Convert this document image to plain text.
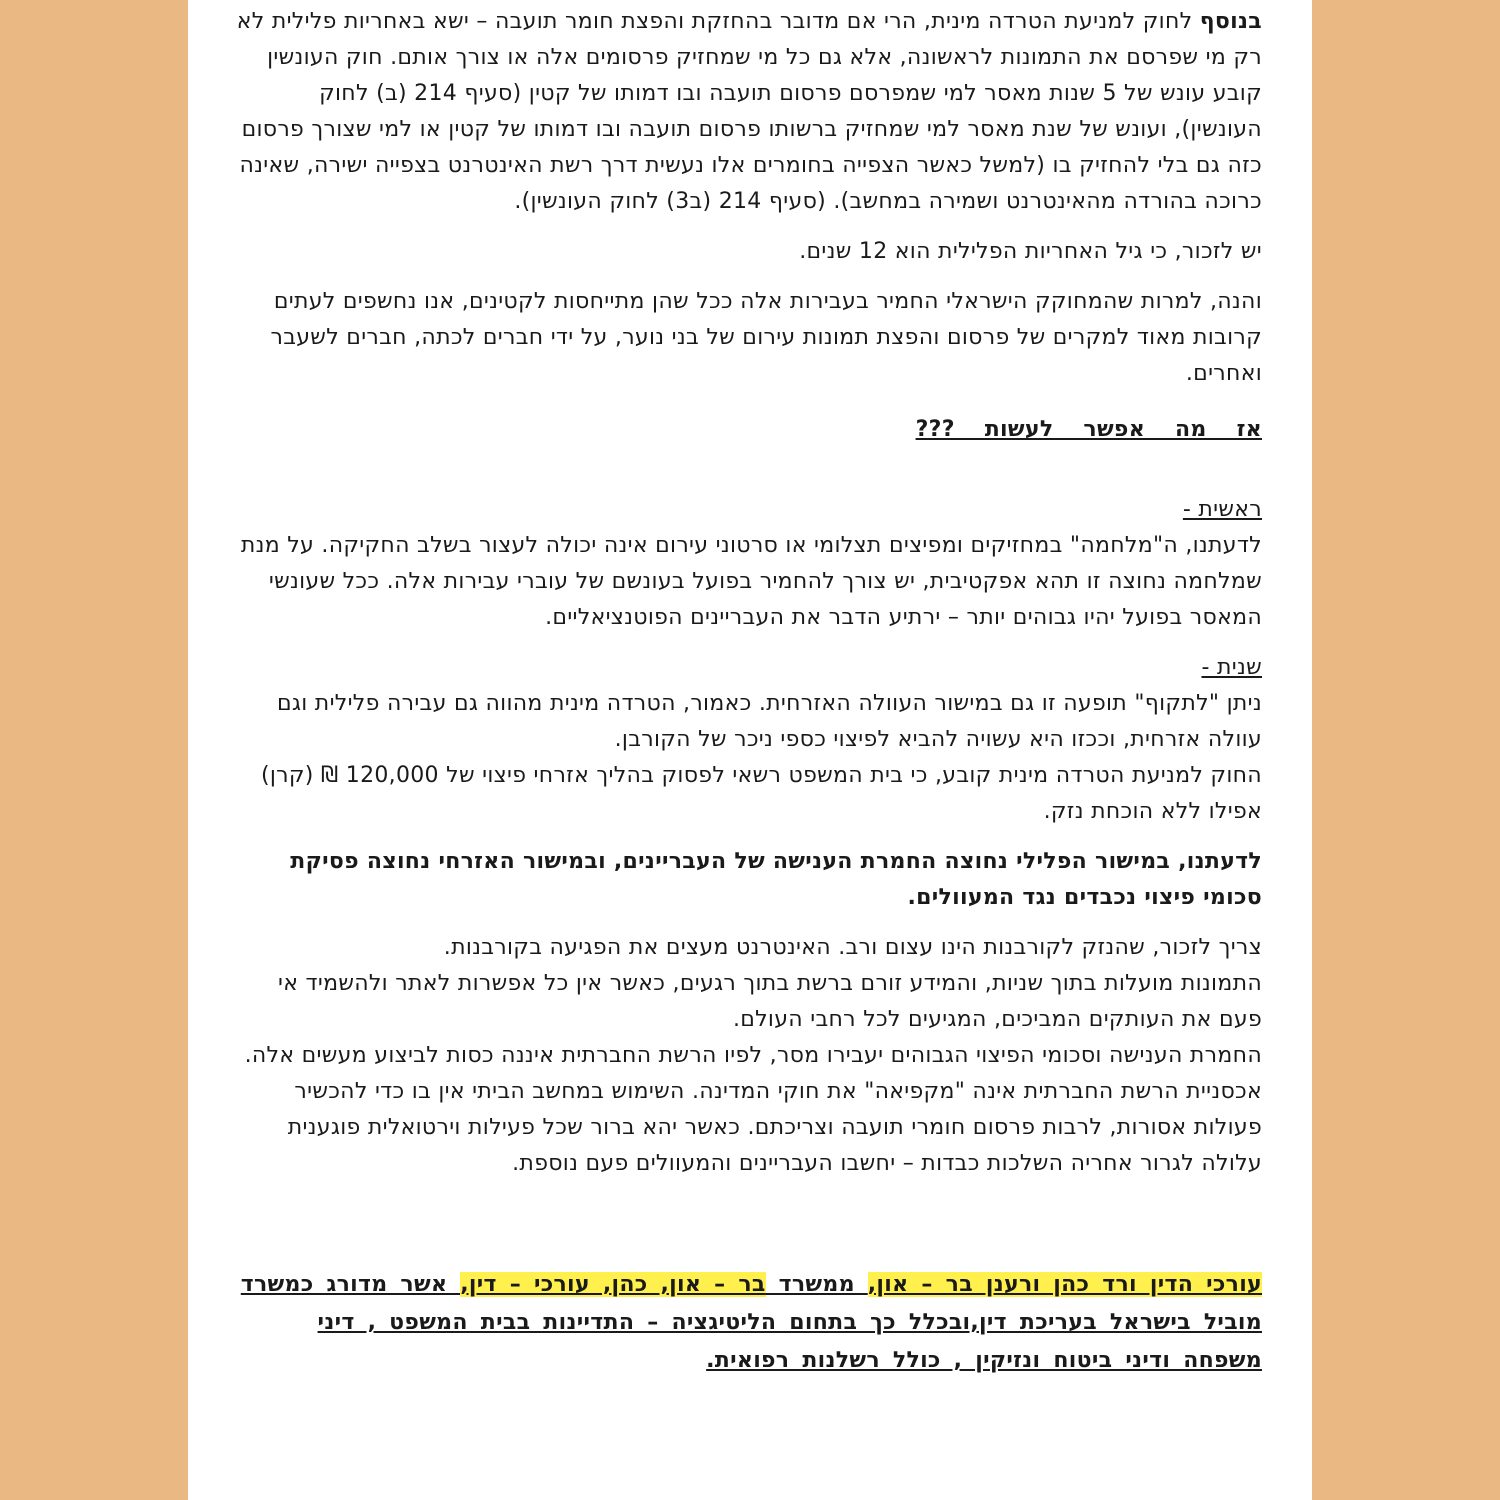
בנוסף לחוק למניעת הטרדה מינית, הרי אם מדובר בהחזקת והפצת חומר תועבה – ישא באחריות פלילית לא רק מי שפרסם את התמונות לראשונה, אלא גם כל מי שמחזיק פרסומים אלה או צורך אותם. חוק העונשין קובע עונש של 5 שנות מאסר למי שמפרסם פרסום תועבה ובו דמותו של קטין (סעיף 214 (ב) לחוק העונשין), ועונש של שנת מאסר למי שמחזיק ברשותו פרסום תועבה ובו דמותו של קטין או למי שצורך פרסום כזה גם בלי להחזיק בו (למשל כאשר הצפייה בחומרים אלו נעשית דרך רשת האינטרנט בצפייה ישירה, שאינה כרוכה בהורדה מהאינטרנט ושמירה במחשב). (סעיף 214 (ב3) לחוק העונשין).

יש לזכור, כי גיל האחריות הפלילית הוא 12 שנים.

והנה, למרות שהמחוקק הישראלי החמיר בעבירות אלה ככל שהן מתייחסות לקטינים, אנו נחשפים לעתים קרובות מאוד למקרים של פרסום והפצת תמונות עירום של בני נוער, על ידי חברים לכתה, חברים לשעבר ואחרים.

אז מה אפשר לעשות ???

ראשית -

לדעתנו, ה"מלחמה" במחזיקים ומפיצים תצלומי או סרטוני עירום אינה יכולה לעצור בשלב החקיקה. על מנת שמלחמה נחוצה זו תהא אפקטיבית, יש צורך להחמיר בפועל בעונשם של עוברי עבירות אלה. ככל שעונשי המאסר בפועל יהיו גבוהים יותר – ירתיע הדבר את העבריינים הפוטנציאליים.

שנית -

ניתן "לתקוף" תופעה זו גם במישור העוולה האזרחית. כאמור, הטרדה מינית מהווה גם עבירה פלילית וגם עוולה אזרחית, וככזו היא עשויה להביא לפיצוי כספי ניכר של הקורבן.

החוק למניעת הטרדה מינית קובע, כי בית המשפט רשאי לפסוק בהליך אזרחי פיצוי של 120,000 ₪ (קרן) אפילו ללא הוכחת נזק.

לדעתנו, במישור הפלילי נחוצה החמרת הענישה של העבריינים, ובמישור האזרחי נחוצה פסיקת סכומי פיצוי נכבדים נגד המעוולים.

צריך לזכור, שהנזק לקורבנות הינו עצום ורב. האינטרנט מעצים את הפגיעה בקורבנות.

התמונות מועלות בתוך שניות, והמידע זורם ברשת בתוך רגעים, כאשר אין כל אפשרות לאתר ולהשמיד אי פעם את העותקים המביכים, המגיעים לכל רחבי העולם.

החמרת הענישה וסכומי הפיצוי הגבוהים יעבירו מסר, לפיו הרשת החברתית איננה כסות לביצוע מעשים אלה. אכסניית הרשת החברתית אינה "מקפיאה" את חוקי המדינה. השימוש במחשב הביתי אין בו כדי להכשיר פעולות אסורות, לרבות פרסום חומרי תועבה וצריכתם. כאשר יהא ברור שכל פעילות וירטואלית פוגענית עלולה לגרור אחריה השלכות כבדות – יחשבו העבריינים והמעוולים פעם נוספת.

עורכי הדין ורד כהן ורענן בר – און, ממשרד בר – און, כהן, עורכי – דין, אשר מדורג כמשרד מוביל בישראל בעריכת דין,ובכלל כך בתחום הליטיגציה – התדיינות בבית המשפט , דיני משפחה ודיני ביטוח ונזיקין , כולל רשלנות רפואית.
